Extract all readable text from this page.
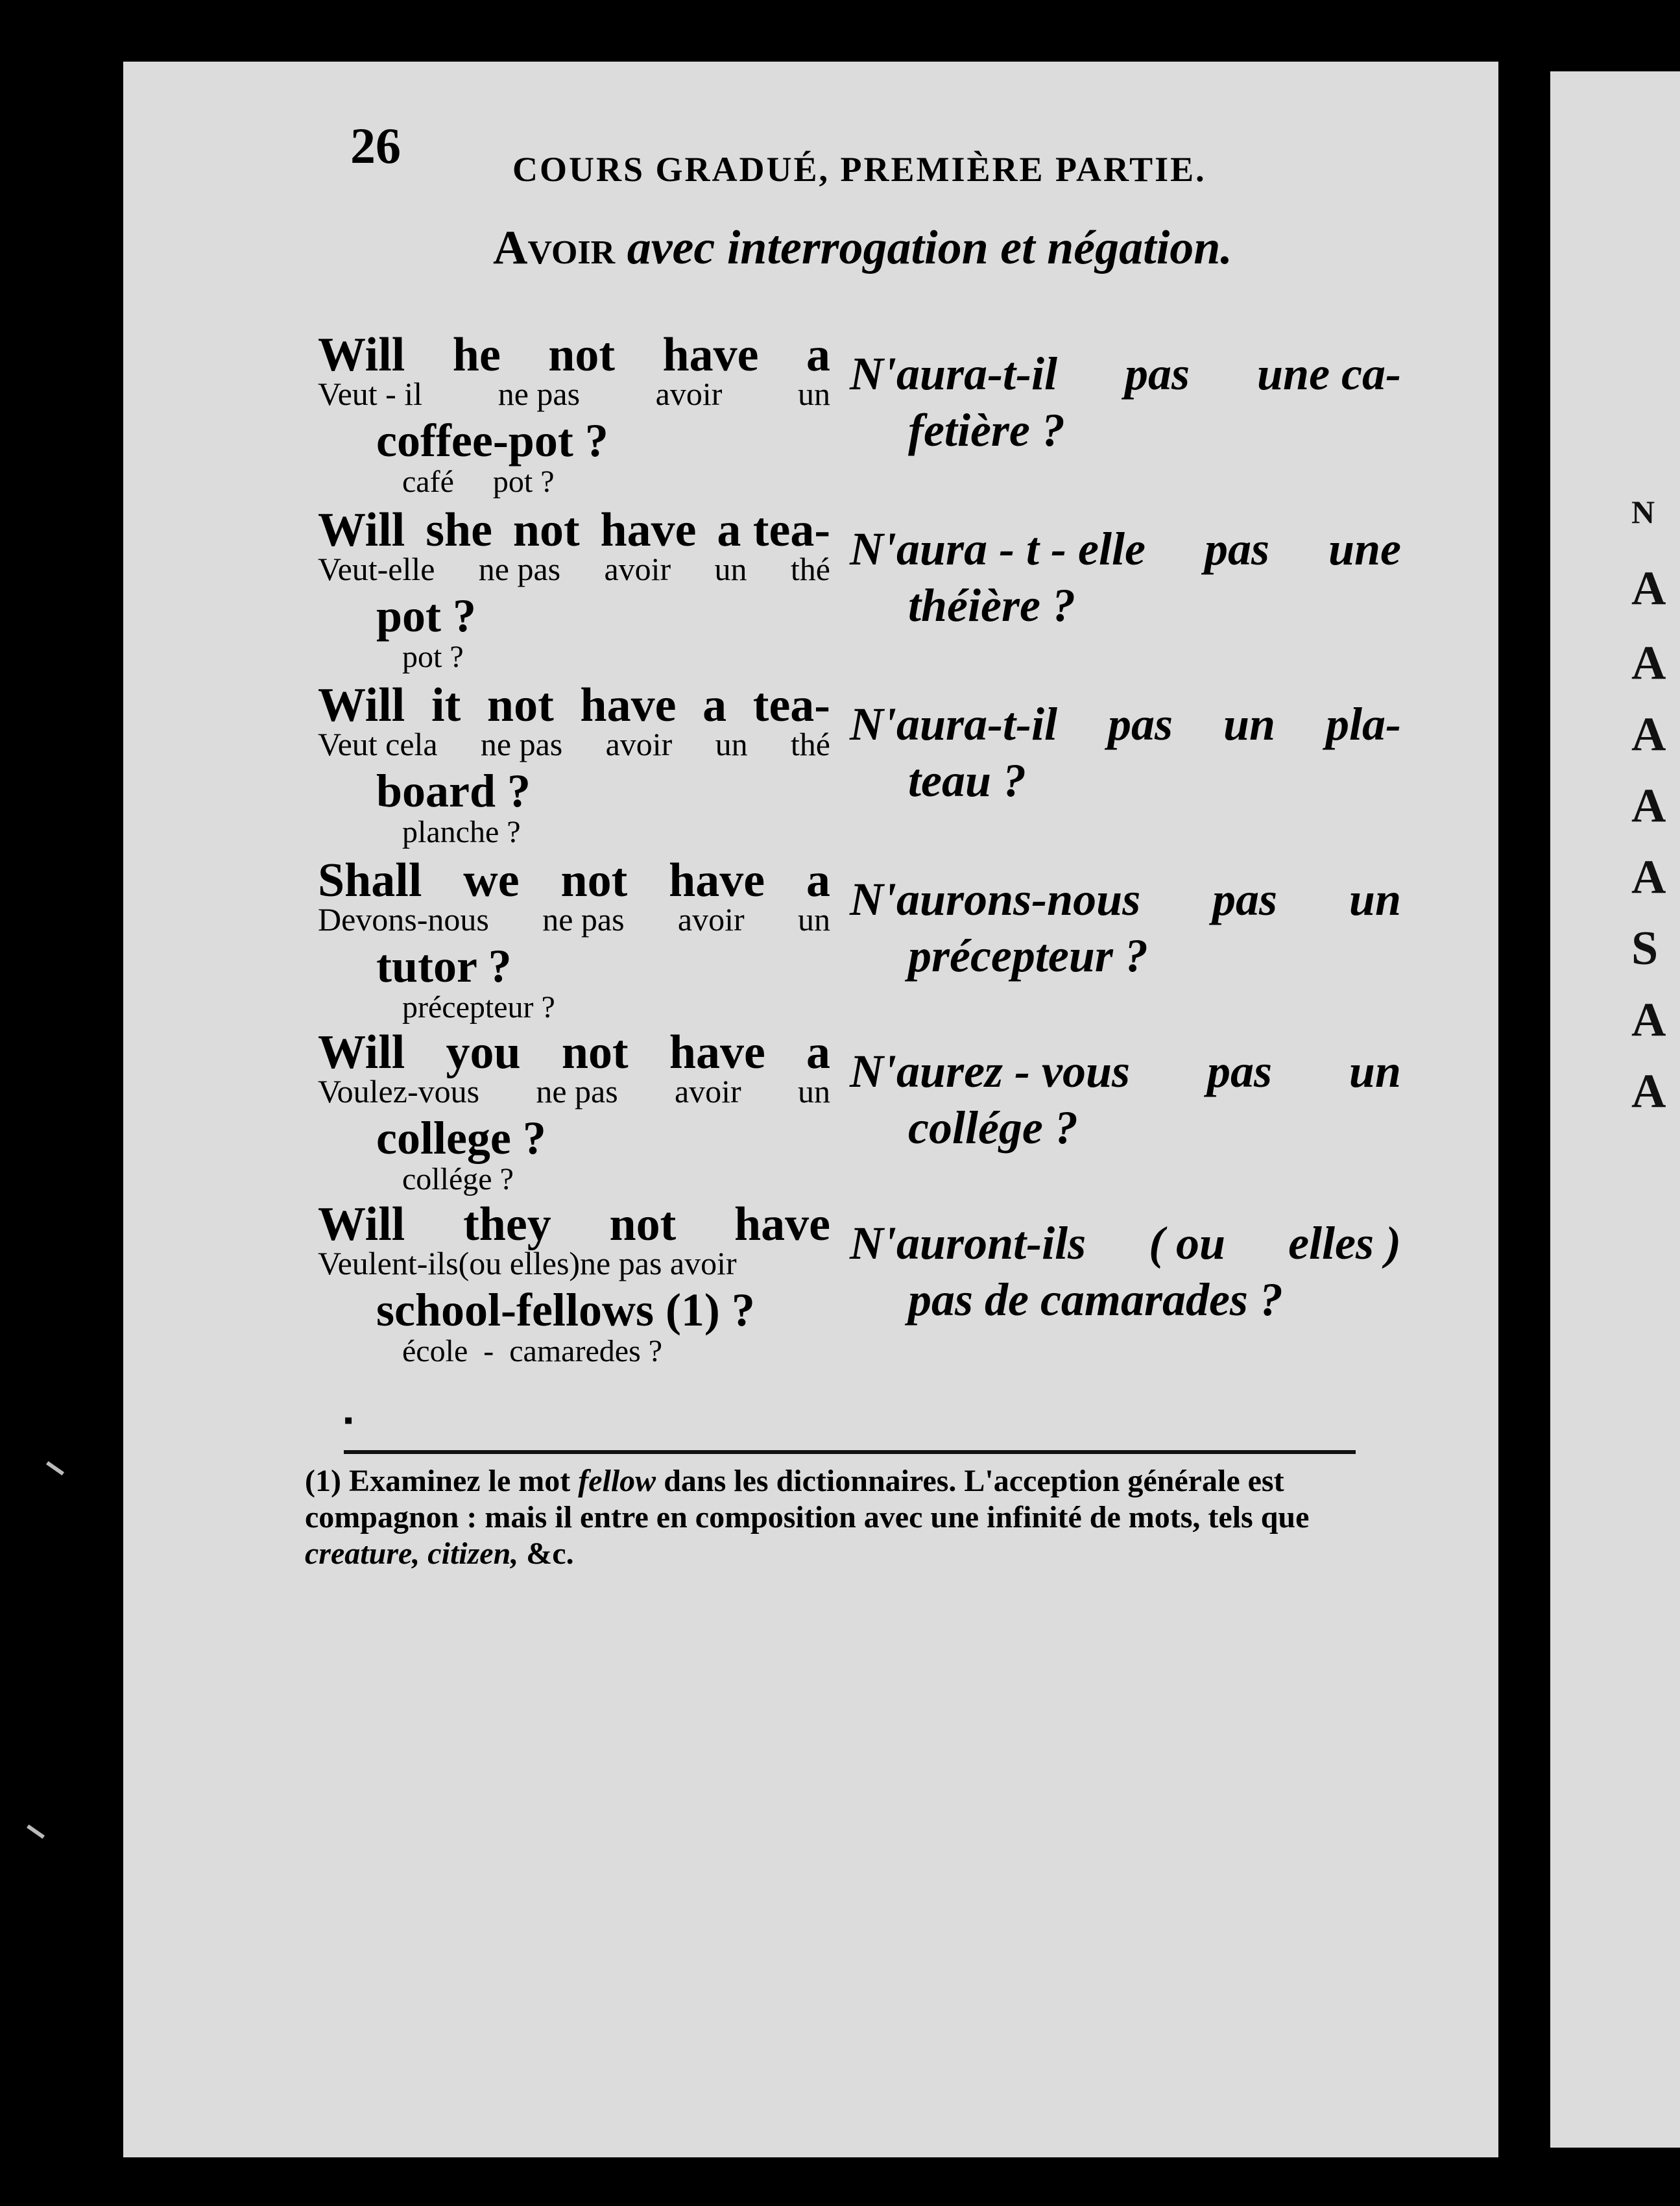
N
A
A
A
A
A
S
A
A
26	COURS GRADUÉ, PREMIÈRE PARTIE.
Avoir avec interrogation et négation.
Will he not have a
Veut - il ne pas avoir un
coffee-pot ?
café     pot ?
N'aura-t-il pas une ca-
fetière ?
Will she not have a tea-
Veut-elle ne pas avoir un thé
pot ?
pot ?
N'aura - t - elle pas une
théière ?
Will it not have a tea-
Veut cela ne pas avoir un thé
board ?
planche ?
N'aura-t-il pas un pla-
teau ?
Shall we not have a
Devons-nous ne pas avoir un
tutor ?
précepteur ?
N'aurons-nous pas un
précepteur ?
Will you not have a
Voulez-vous ne pas avoir un
college ?
collége ?
N'aurez - vous pas un
collége ?
Will they not have
Veulent-ils(ou elles)ne pas avoir
school-fellows (1) ?
école  -  camaredes ?
N'auront-ils ( ou elles )
pas de camarades ?
▪
(1) Examinez le mot fellow dans les dictionnaires. L'acception générale est compagnon : mais il entre en composition avec une infinité de mots, tels que creature, citizen, &c.
